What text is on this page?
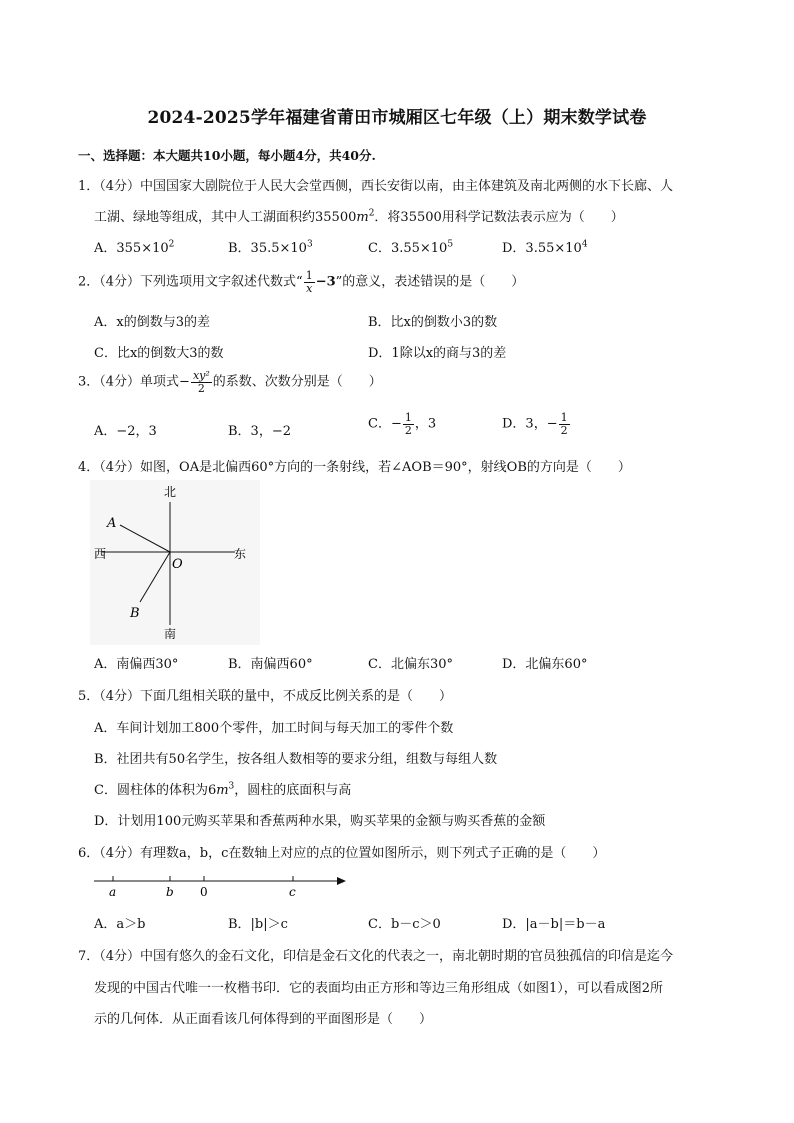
2024-2025学年福建省莆田市城厢区七年级（上）期末数学试卷
一、选择题：本大题共10小题，每小题4分，共40分.
1．（4分）中国国家大剧院位于人民大会堂西侧，西长安街以南，由主体建筑及南北两侧的水下长廊、人
工湖、绿地等组成，其中人工湖面积约$35500m^2$．将35500用科学记数法表示应为（　　）
A．$355\times 10^2$	B．$35.5\times 10^3$	C．$3.55\times 10^5$	D．$3.55\times 10^4$
2．（4分）下列选项用文字叙述代数式“ $\frac{1}{x} -3$”的意义，表述错误的是（　　）
A．x的倒数与3的差	B．比x的倒数小3的数
C．比x的倒数大3的数	D．1除以x的商与3的差
3．（4分）单项式− $\frac{\text{xy²}}{2}$ 的系数、次数分别是（　　）
A．−2，3	B．3，−2	C．− $\frac{1}{2}$ ，3	D．3，− $\frac{1}{2}$
4．（4分）如图，OA是北偏西60°方向的一条射线，若∠AOB＝90°，射线OB的方向是（　　）
北
南
西	东
A
B
O
A．南偏西30°	B．南偏西60°	C．北偏东30°	D．北偏东60°
5．（4分）下面几组相关联的量中，不成反比例关系的是（　　）
A．车间计划加工800个零件，加工时间与每天加工的零件个数
B．社团共有50名学生，按各组人数相等的要求分组，组数与每组人数
C．圆柱体的体积为$6m^3$，圆柱的底面积与高
D．计划用100元购买苹果和香蕉两种水果，购买苹果的金额与购买香蕉的金额
6．（4分）有理数a，b，c在数轴上对应的点的位置如图所示，则下列式子正确的是（　　）
a	b 0	c
A．a＞b	B．|b|＞c	C．b－c＞0	D．|a－b|＝b－a
7．（4分）中国有悠久的金石文化，印信是金石文化的代表之一，南北朝时期的官员独孤信的印信是迄今
发现的中国古代唯一一枚楷书印．它的表面均由正方形和等边三角形组成（如图1），可以看成图2所
示的几何体．从正面看该几何体得到的平面图形是（　　）
